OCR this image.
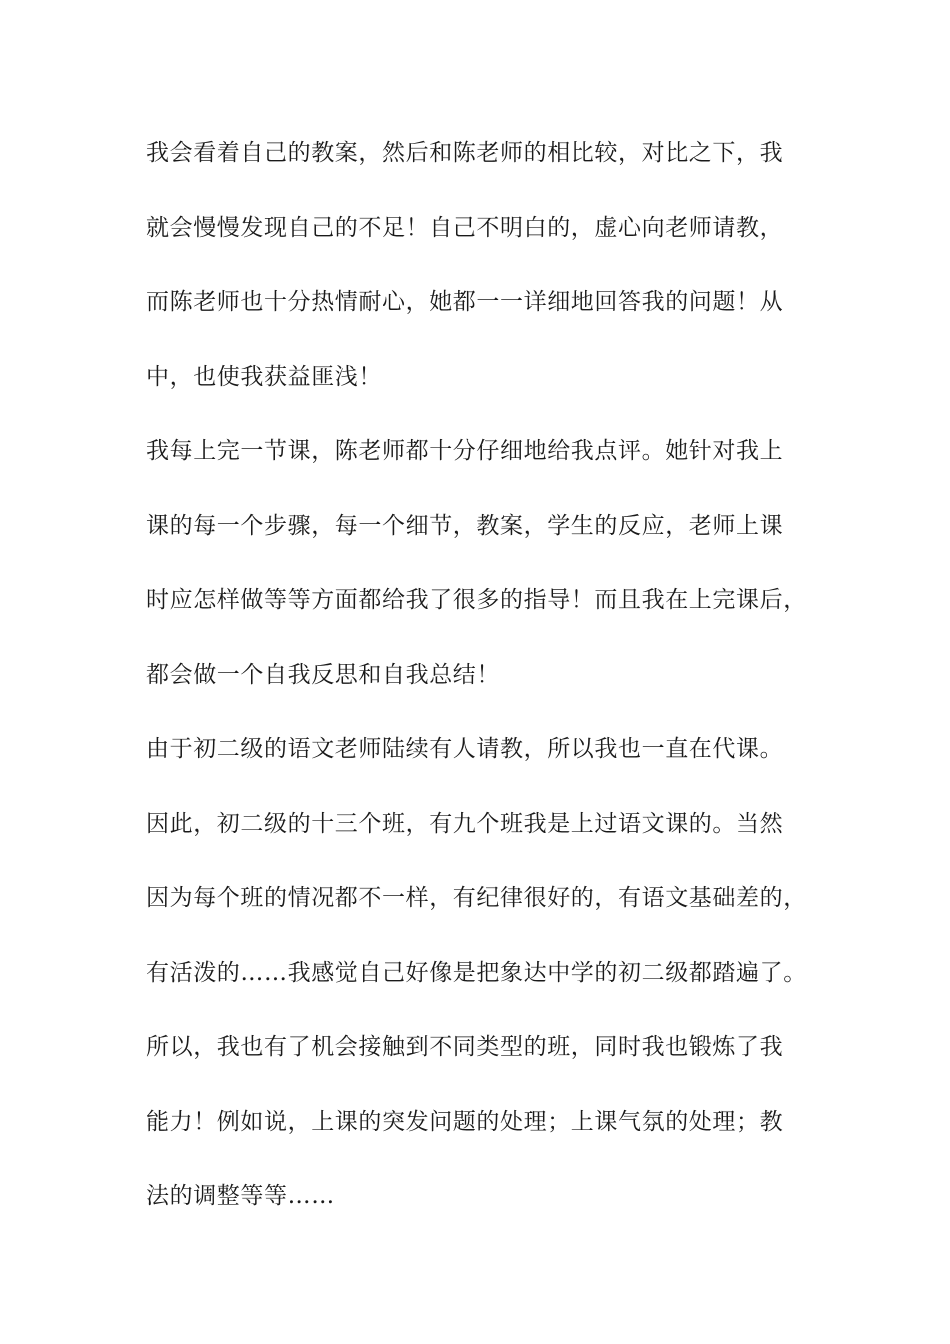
我会看着自己的教案，然后和陈老师的相比较，对比之下，我
就会慢慢发现自己的不足！自己不明白的，虚心向老师请教，
而陈老师也十分热情耐心，她都一一详细地回答我的问题！从
中，也使我获益匪浅！
我每上完一节课，陈老师都十分仔细地给我点评。她针对我上
课的每一个步骤，每一个细节，教案，学生的反应，老师上课
时应怎样做等等方面都给我了很多的指导！而且我在上完课后，
都会做一个自我反思和自我总结！
由于初二级的语文老师陆续有人请教，所以我也一直在代课。
因此，初二级的十三个班，有九个班我是上过语文课的。当然
因为每个班的情况都不一样，有纪律很好的，有语文基础差的，
有活泼的……我感觉自己好像是把象达中学的初二级都踏遍了。
所以，我也有了机会接触到不同类型的班，同时我也锻炼了我
能力！例如说，上课的突发问题的处理；上课气氛的处理；教
法的调整等等……
